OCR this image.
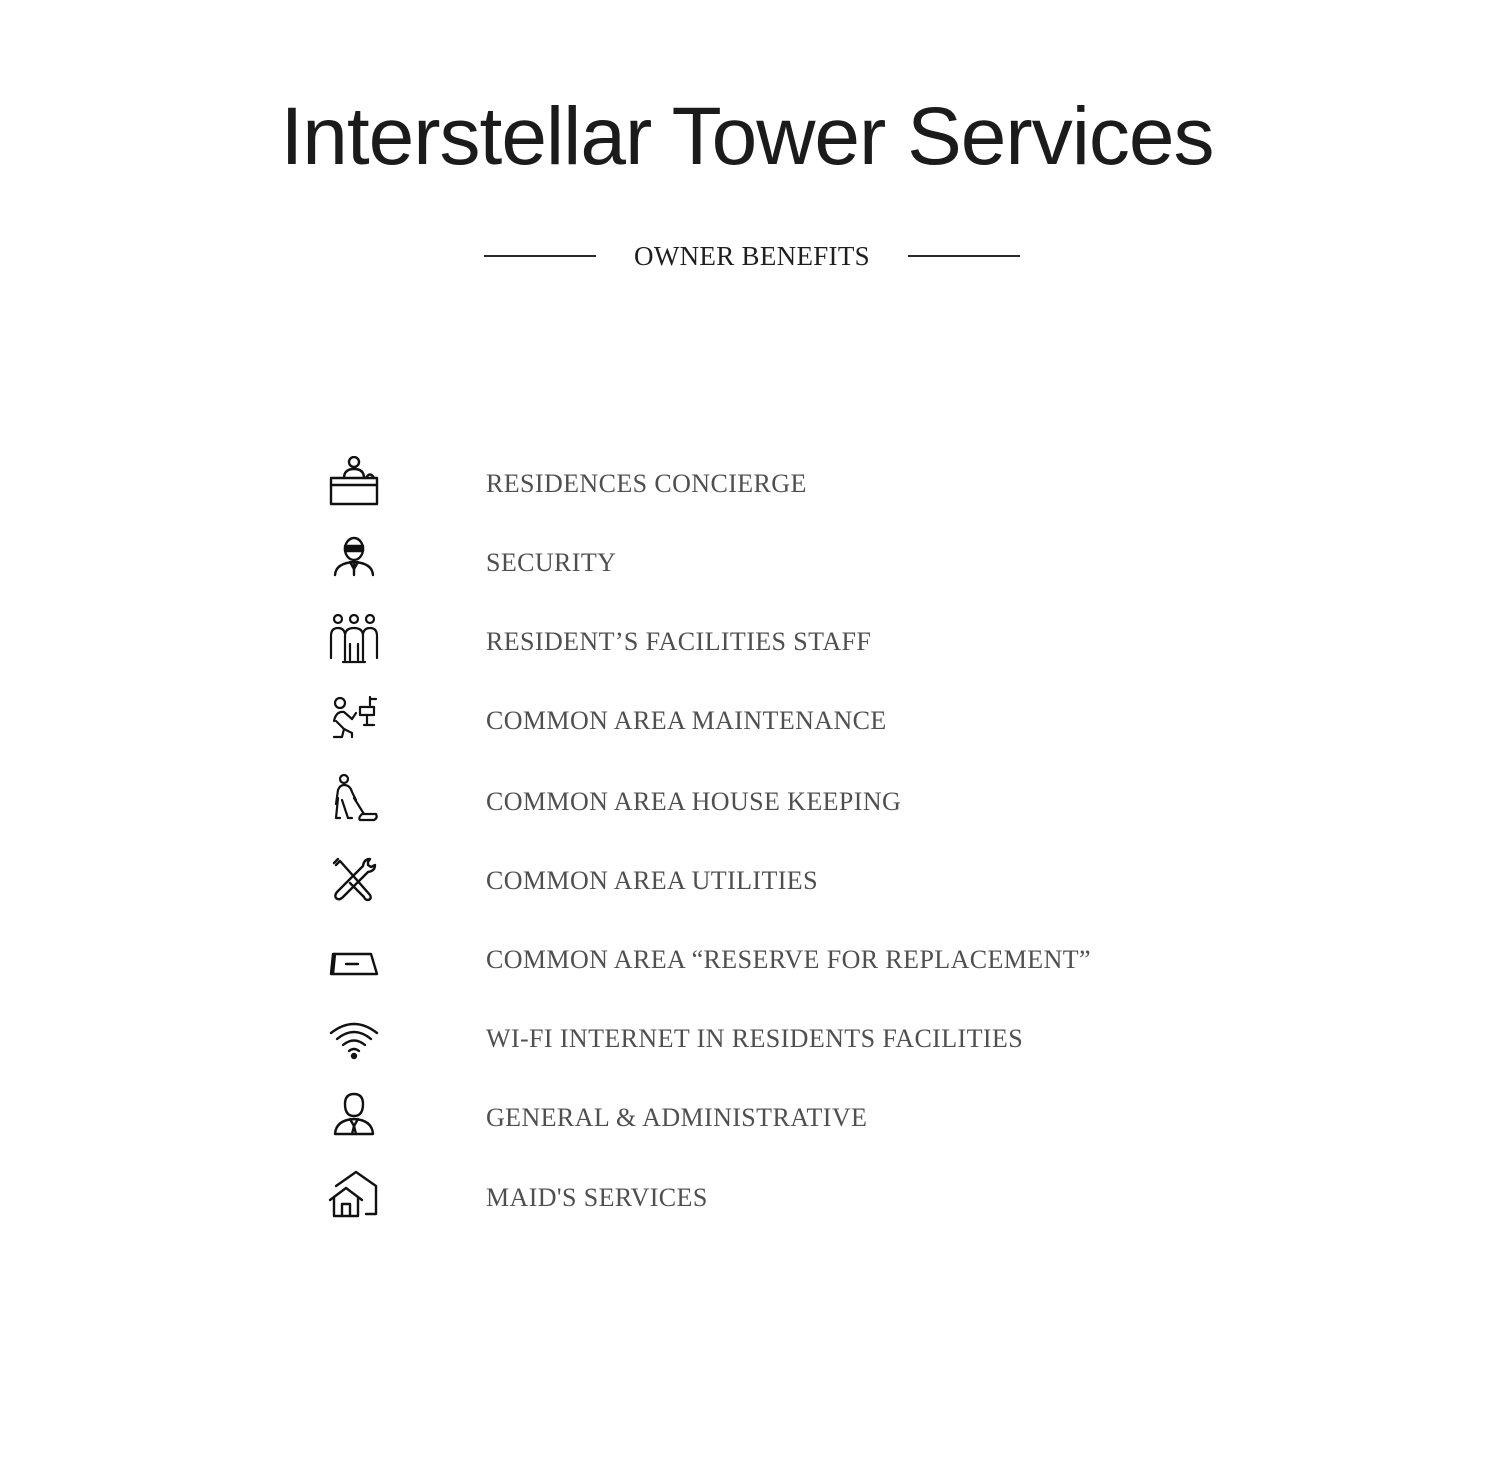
Interstellar Tower Services
OWNER BENEFITS
RESIDENCES CONCIERGE
SECURITY
RESIDENT’S FACILITIES STAFF
COMMON AREA MAINTENANCE
COMMON AREA HOUSE KEEPING
COMMON AREA UTILITIES
COMMON AREA “RESERVE FOR REPLACEMENT”
WI-FI INTERNET IN RESIDENTS FACILITIES
GENERAL & ADMINISTRATIVE
MAID'S SERVICES
